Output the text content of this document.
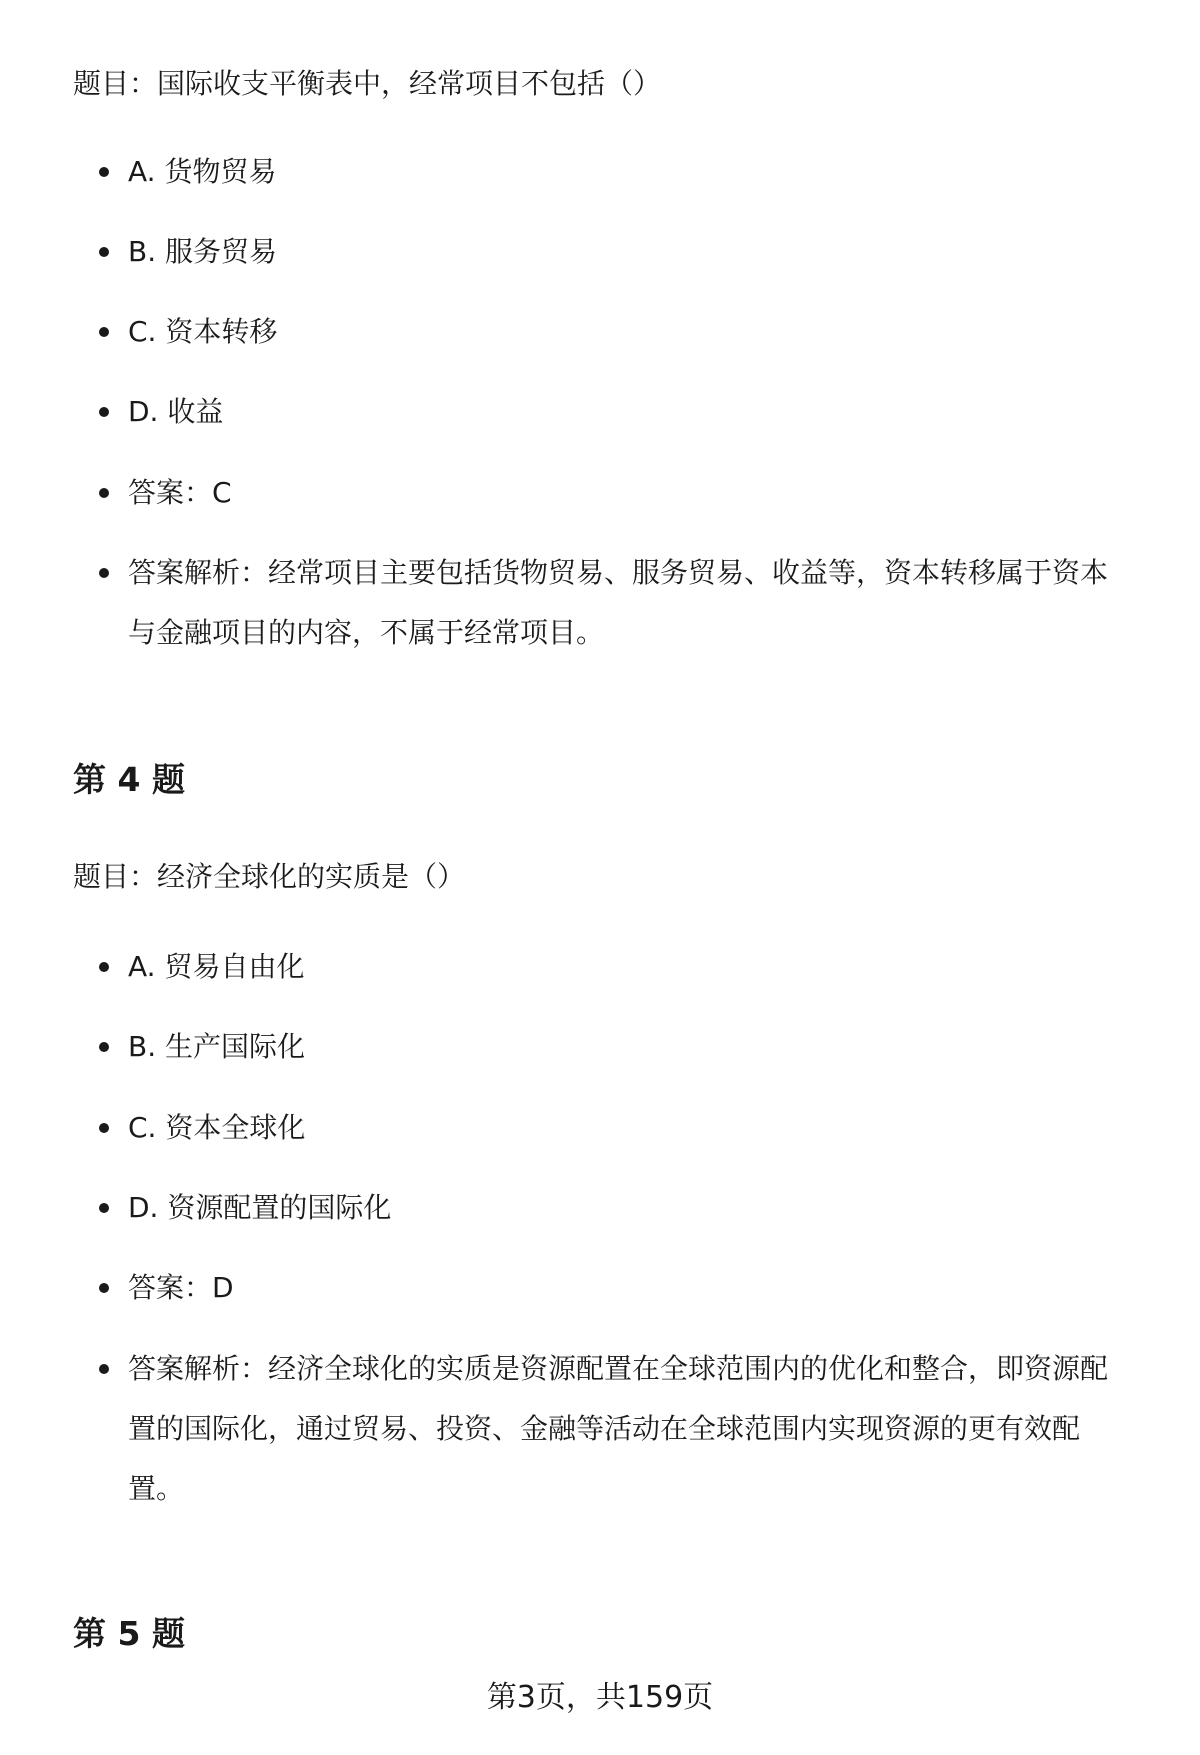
题目：国际收支平衡表中，经常项目不包括（）
A. 货物贸易
B. 服务贸易
C. 资本转移
D. 收益
答案：C
答案解析：经常项目主要包括货物贸易、服务贸易、收益等，资本转移属于资本与金融项目的内容，不属于经常项目。
第 4 题
题目：经济全球化的实质是（）
A. 贸易自由化
B. 生产国际化
C. 资本全球化
D. 资源配置的国际化
答案：D
答案解析：经济全球化的实质是资源配置在全球范围内的优化和整合，即资源配置的国际化，通过贸易、投资、金融等活动在全球范围内实现资源的更有效配置。
第 5 题
第3页，共159页
